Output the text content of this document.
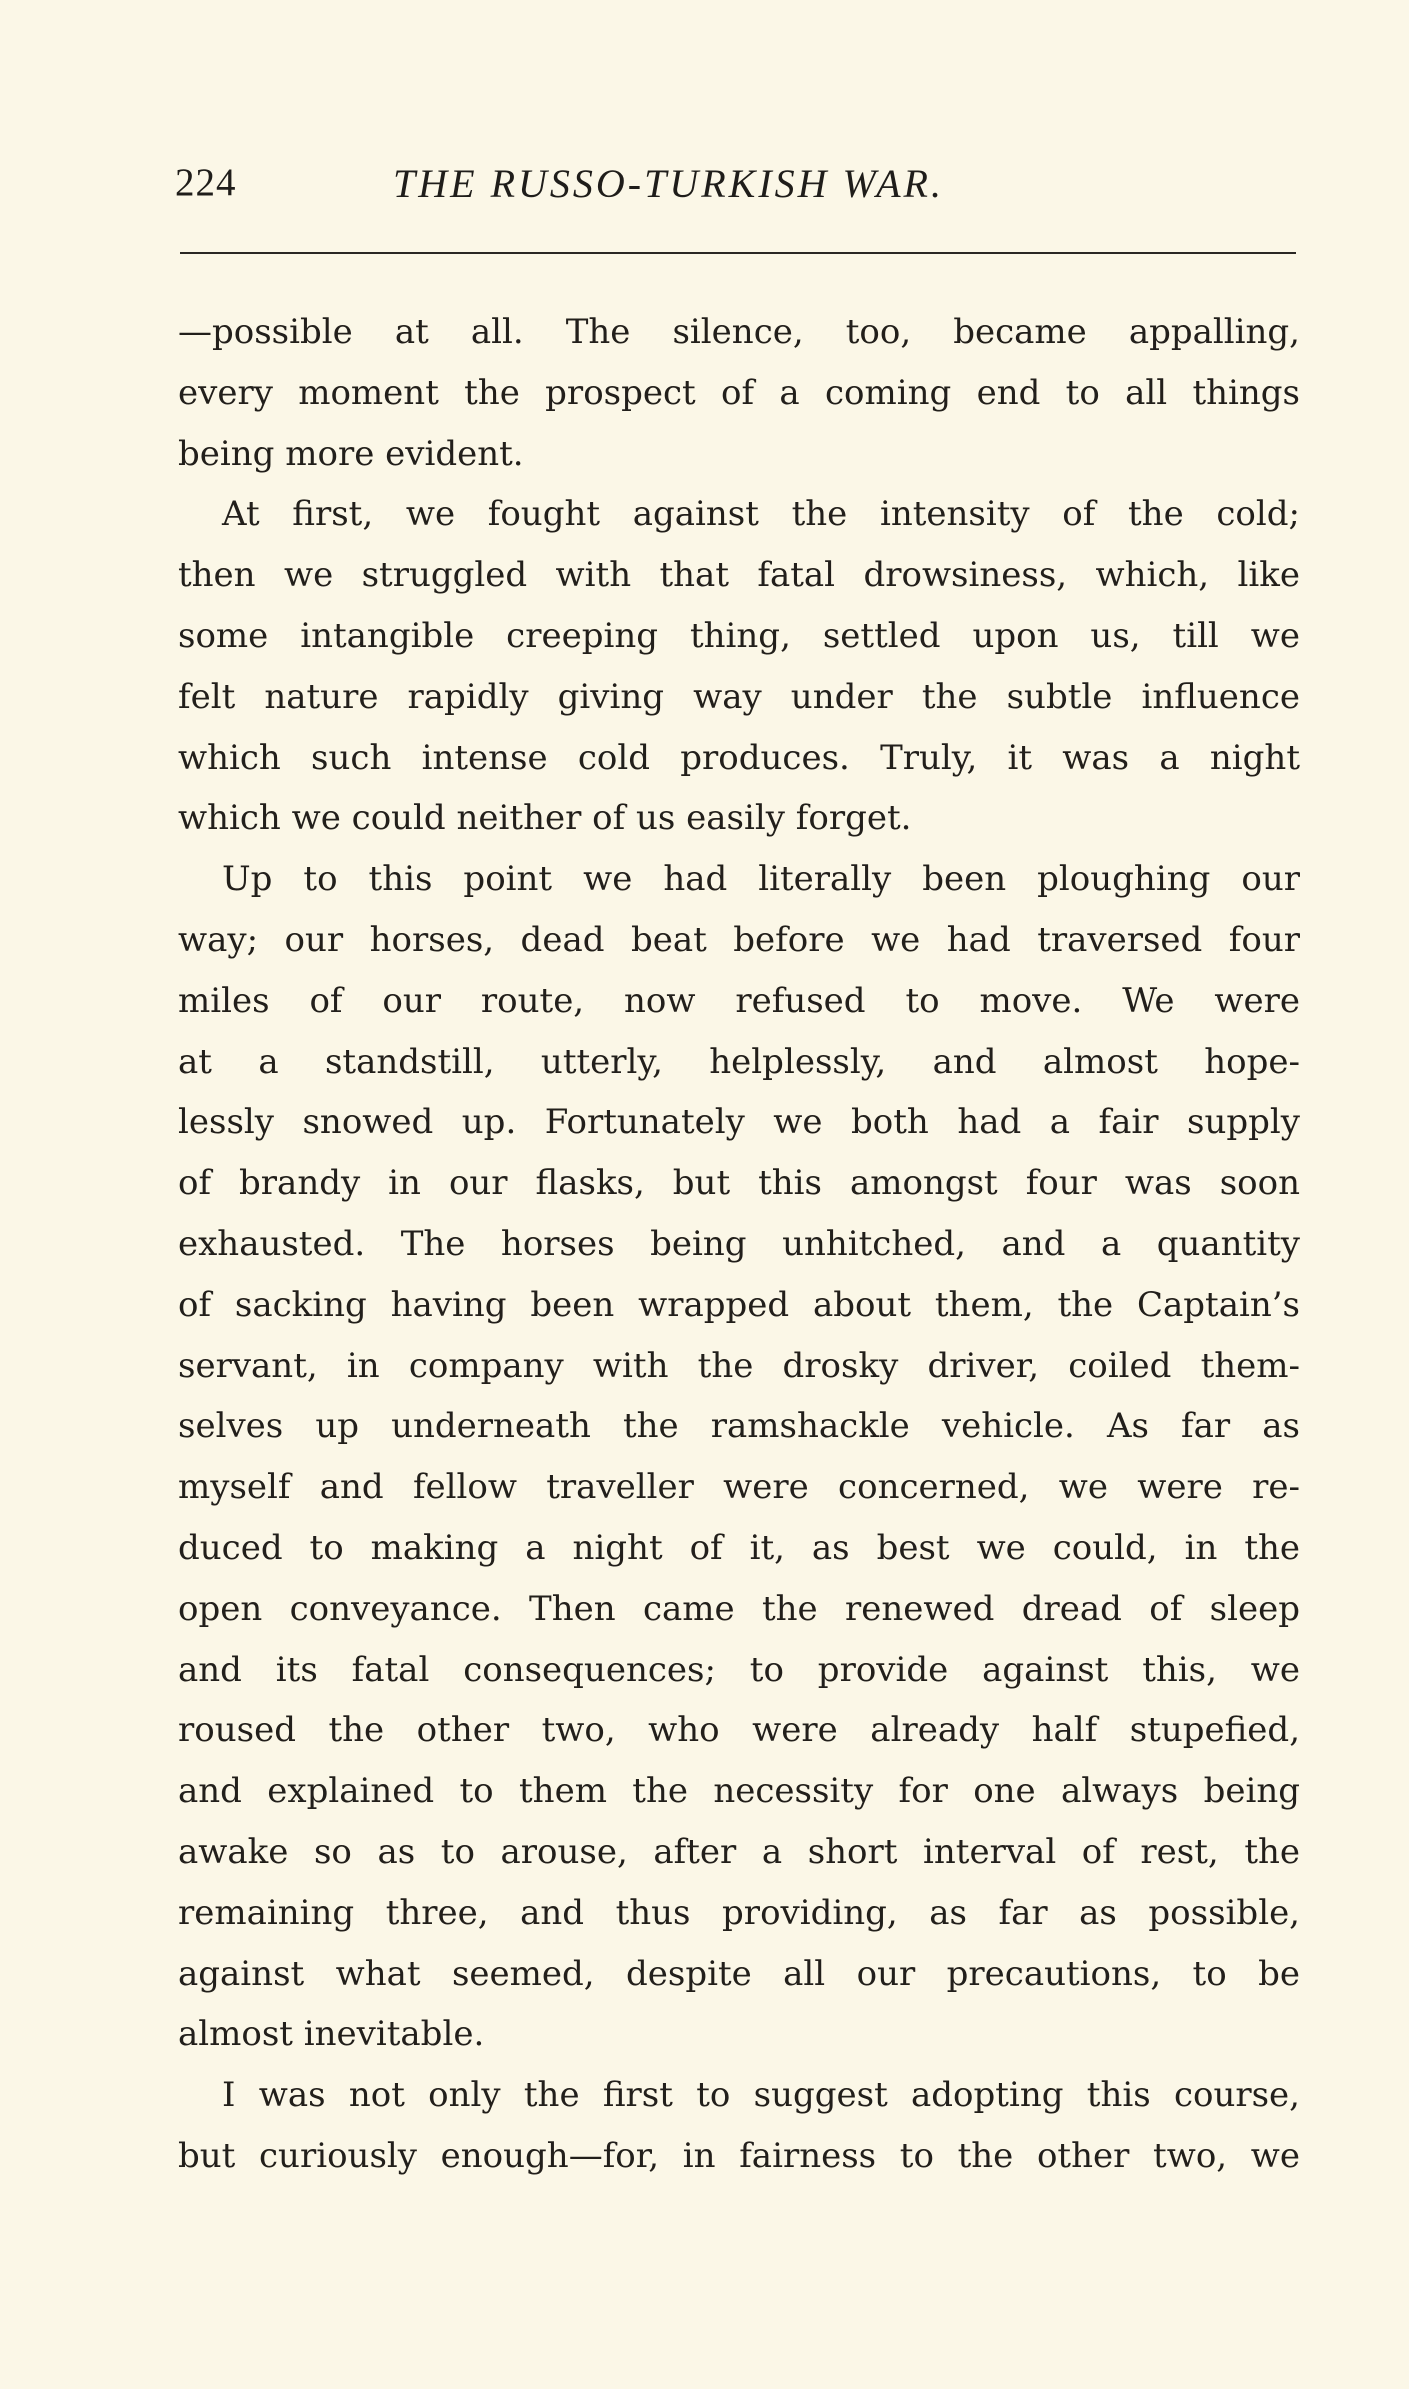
224	THE RUSSO-TURKISH WAR.

—possible at all. The silence, too, became appalling,
every moment the prospect of a coming end to all things
being more evident.

At first, we fought against the intensity of the cold;
then we struggled with that fatal drowsiness, which, like
some intangible creeping thing, settled upon us, till we
felt nature rapidly giving way under the subtle influence
which such intense cold produces. Truly, it was a night
which we could neither of us easily forget.

Up to this point we had literally been ploughing our
way; our horses, dead beat before we had traversed four
miles of our route, now refused to move. We were
at a standstill, utterly, helplessly, and almost hope-
lessly snowed up. Fortunately we both had a fair supply
of brandy in our flasks, but this amongst four was soon
exhausted. The horses being unhitched, and a quantity
of sacking having been wrapped about them, the Captain’s
servant, in company with the drosky driver, coiled them-
selves up underneath the ramshackle vehicle. As far as
myself and fellow traveller were concerned, we were re-
duced to making a night of it, as best we could, in the
open conveyance. Then came the renewed dread of sleep
and its fatal consequences; to provide against this, we
roused the other two, who were already half stupefied,
and explained to them the necessity for one always being
awake so as to arouse, after a short interval of rest, the
remaining three, and thus providing, as far as possible,
against what seemed, despite all our precautions, to be
almost inevitable.

I was not only the first to suggest adopting this course,
but curiously enough—for, in fairness to the other two, we
